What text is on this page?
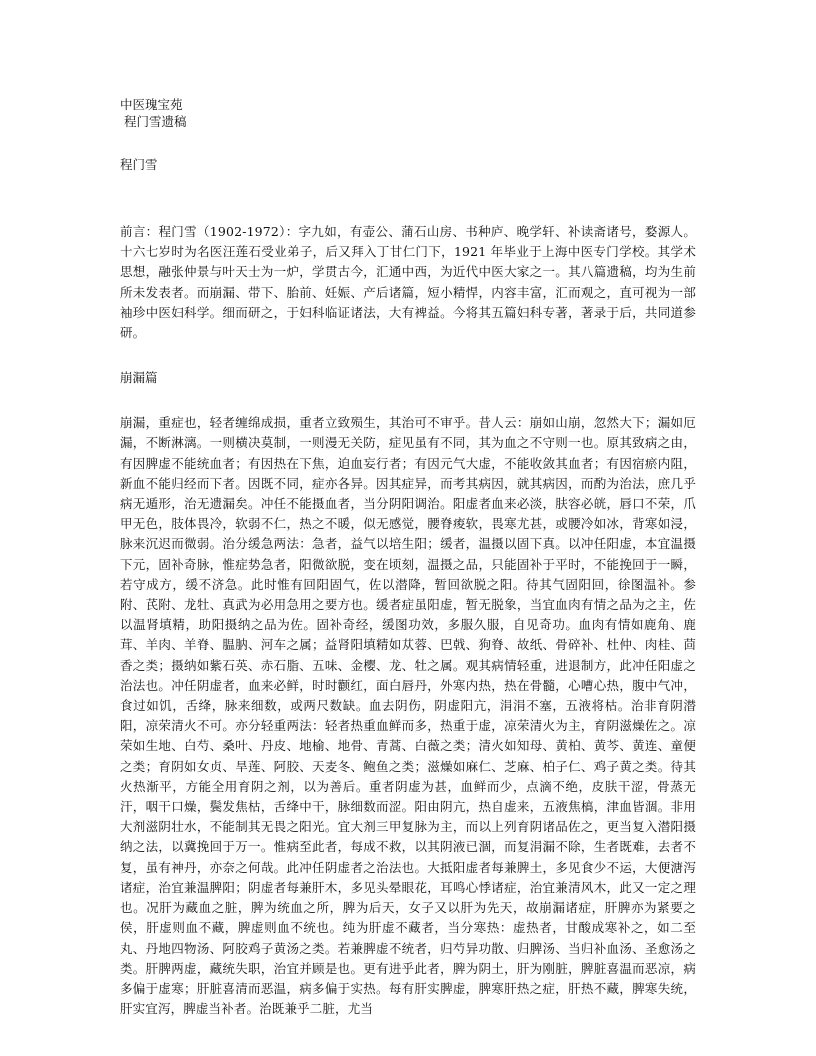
中医瑰宝苑
程门雪遗稿
程门雪

前言：程门雪（1902-1972）：字九如，有壶公、蒲石山房、书种庐、晚学轩、补读斋诸号，婺源人。十六七岁时为名医汪莲石受业弟子，后又拜入丁甘仁门下，1921 年毕业于上海中医专门学校。其学术思想，融张仲景与叶天士为一炉，学贯古今，汇通中西，为近代中医大家之一。其八篇遗稿，均为生前所未发表者。而崩漏、带下、胎前、妊娠、产后诸篇，短小精悍，内容丰富，汇而观之，直可视为一部袖珍中医妇科学。细而研之，于妇科临证诸法，大有裨益。今将其五篇妇科专著，著录于后，共同道参研。

崩漏篇

崩漏，重症也，轻者缠绵成损，重者立致殒生，其治可不审乎。昔人云：崩如山崩，忽然大下；漏如厄漏，不断淋漓。一则横决莫制，一则漫无关防，症见虽有不同，其为血之不守则一也。原其致病之由，有因脾虚不能统血者；有因热在下焦，迫血妄行者；有因元气大虚，不能收敛其血者；有因宿瘀内阻，新血不能归经而下者。因既不同，症亦各异。因其症异，而考其病因，就其病因，而酌为治法，庶几乎病无遁形，治无遗漏矣。冲任不能摄血者，当分阴阳调治。阳虚者血来必淡，肤容必㿠，唇口不荣，爪甲无色，肢体畏冷，软弱不仁，热之不暖，似无感觉，腰脊痠软，畏寒尤甚，或腰冷如冰，背寒如浸，脉来沉迟而微弱。治分缓急两法：急者，益气以培生阳；缓者，温摄以固下真。以冲任阳虚，本宜温摄下元，固补奇脉，惟症势急者，阳微欲脱，变在顷刻，温摄之品，只能固补于平时，不能挽回于一瞬，若守成方，缓不济急。此时惟有回阳固气，佐以潜降，暂回欲脱之阳。待其气固阳回，徐图温补。参附、芪附、龙牡、真武为必用急用之要方也。缓者症虽阳虚，暂无脱象，当宜血肉有情之品为之主，佐以温肾填精，助阳摄纳之品为佐。固补奇经，缓图功效，多服久服，自见奇功。血肉有情如鹿角、鹿茸、羊肉、羊脊、腽肭、河车之属；益肾阳填精如苁蓉、巴戟、狗脊、故纸、骨碎补、杜仲、肉桂、茴香之类；摄纳如紫石英、赤石脂、五味、金樱、龙、牡之属。观其病情轻重，进退制方，此冲任阳虚之治法也。冲任阴虚者，血来必鲜，时时颧红，面白唇丹，外寒内热，热在骨髓，心嘈心热，腹中气冲，食过如饥，舌绛，脉来细数，或两尺数缺。血去阴伤，阴虚阳亢，涓涓不塞，五液将枯。治非育阴潜阳，凉荣清火不可。亦分轻重两法：轻者热重血鲜而多，热重于虚，凉荣清火为主，育阴滋燥佐之。凉荣如生地、白芍、桑叶、丹皮、地榆、地骨、青蒿、白薇之类；清火如知母、黄柏、黄芩、黄连、童便之类；育阴如女贞、旱莲、阿胶、天麦冬、鲍鱼之类；滋燥如麻仁、芝麻、柏子仁、鸡子黄之类。待其火热渐平，方能全用育阴之剂，以为善后。重者阴虚为甚，血鲜而少，点滴不绝，皮肤干涩，骨蒸无汗，咽干口燥，鬓发焦枯，舌绛中干，脉细数而涩。阳由阴亢，热自虚来，五液焦槁，津血皆涸。非用大剂滋阴壮水，不能制其无畏之阳光。宜大剂三甲复脉为主，而以上列育阴诸品佐之，更当复入潜阳摄纳之法，以冀挽回于万一。惟病至此者，每成不救，以其阴液已涸，而复涓漏不除，生者既难，去者不复，虽有神丹，亦奈之何哉。此冲任阴虚者之治法也。大抵阳虚者每兼脾土，多见食少不运，大便溏泻诸症，治宜兼温脾阳；阴虚者每兼肝木，多见头晕眼花，耳鸣心悸诸症，治宜兼清风木，此又一定之理也。况肝为藏血之脏，脾为统血之所，脾为后天，女子又以肝为先天，故崩漏诸症，肝脾亦为紧要之侯，肝虚则血不藏，脾虚则血不统也。纯为肝虚不藏者，当分寒热：虚热者，甘酸成寒补之，如二至丸、丹地四物汤、阿胶鸡子黄汤之类。若兼脾虚不统者，归芍异功散、归脾汤、当归补血汤、圣愈汤之类。肝脾两虚，藏统失职，治宜并顾是也。更有进乎此者，脾为阴土，肝为刚脏，脾脏喜温而恶凉，病多偏于虚寒；肝脏喜清而恶温，病多偏于实热。每有肝实脾虚，脾寒肝热之症，肝热不藏，脾寒失统，肝实宜泻，脾虚当补者。治既兼乎二脏，尤当
